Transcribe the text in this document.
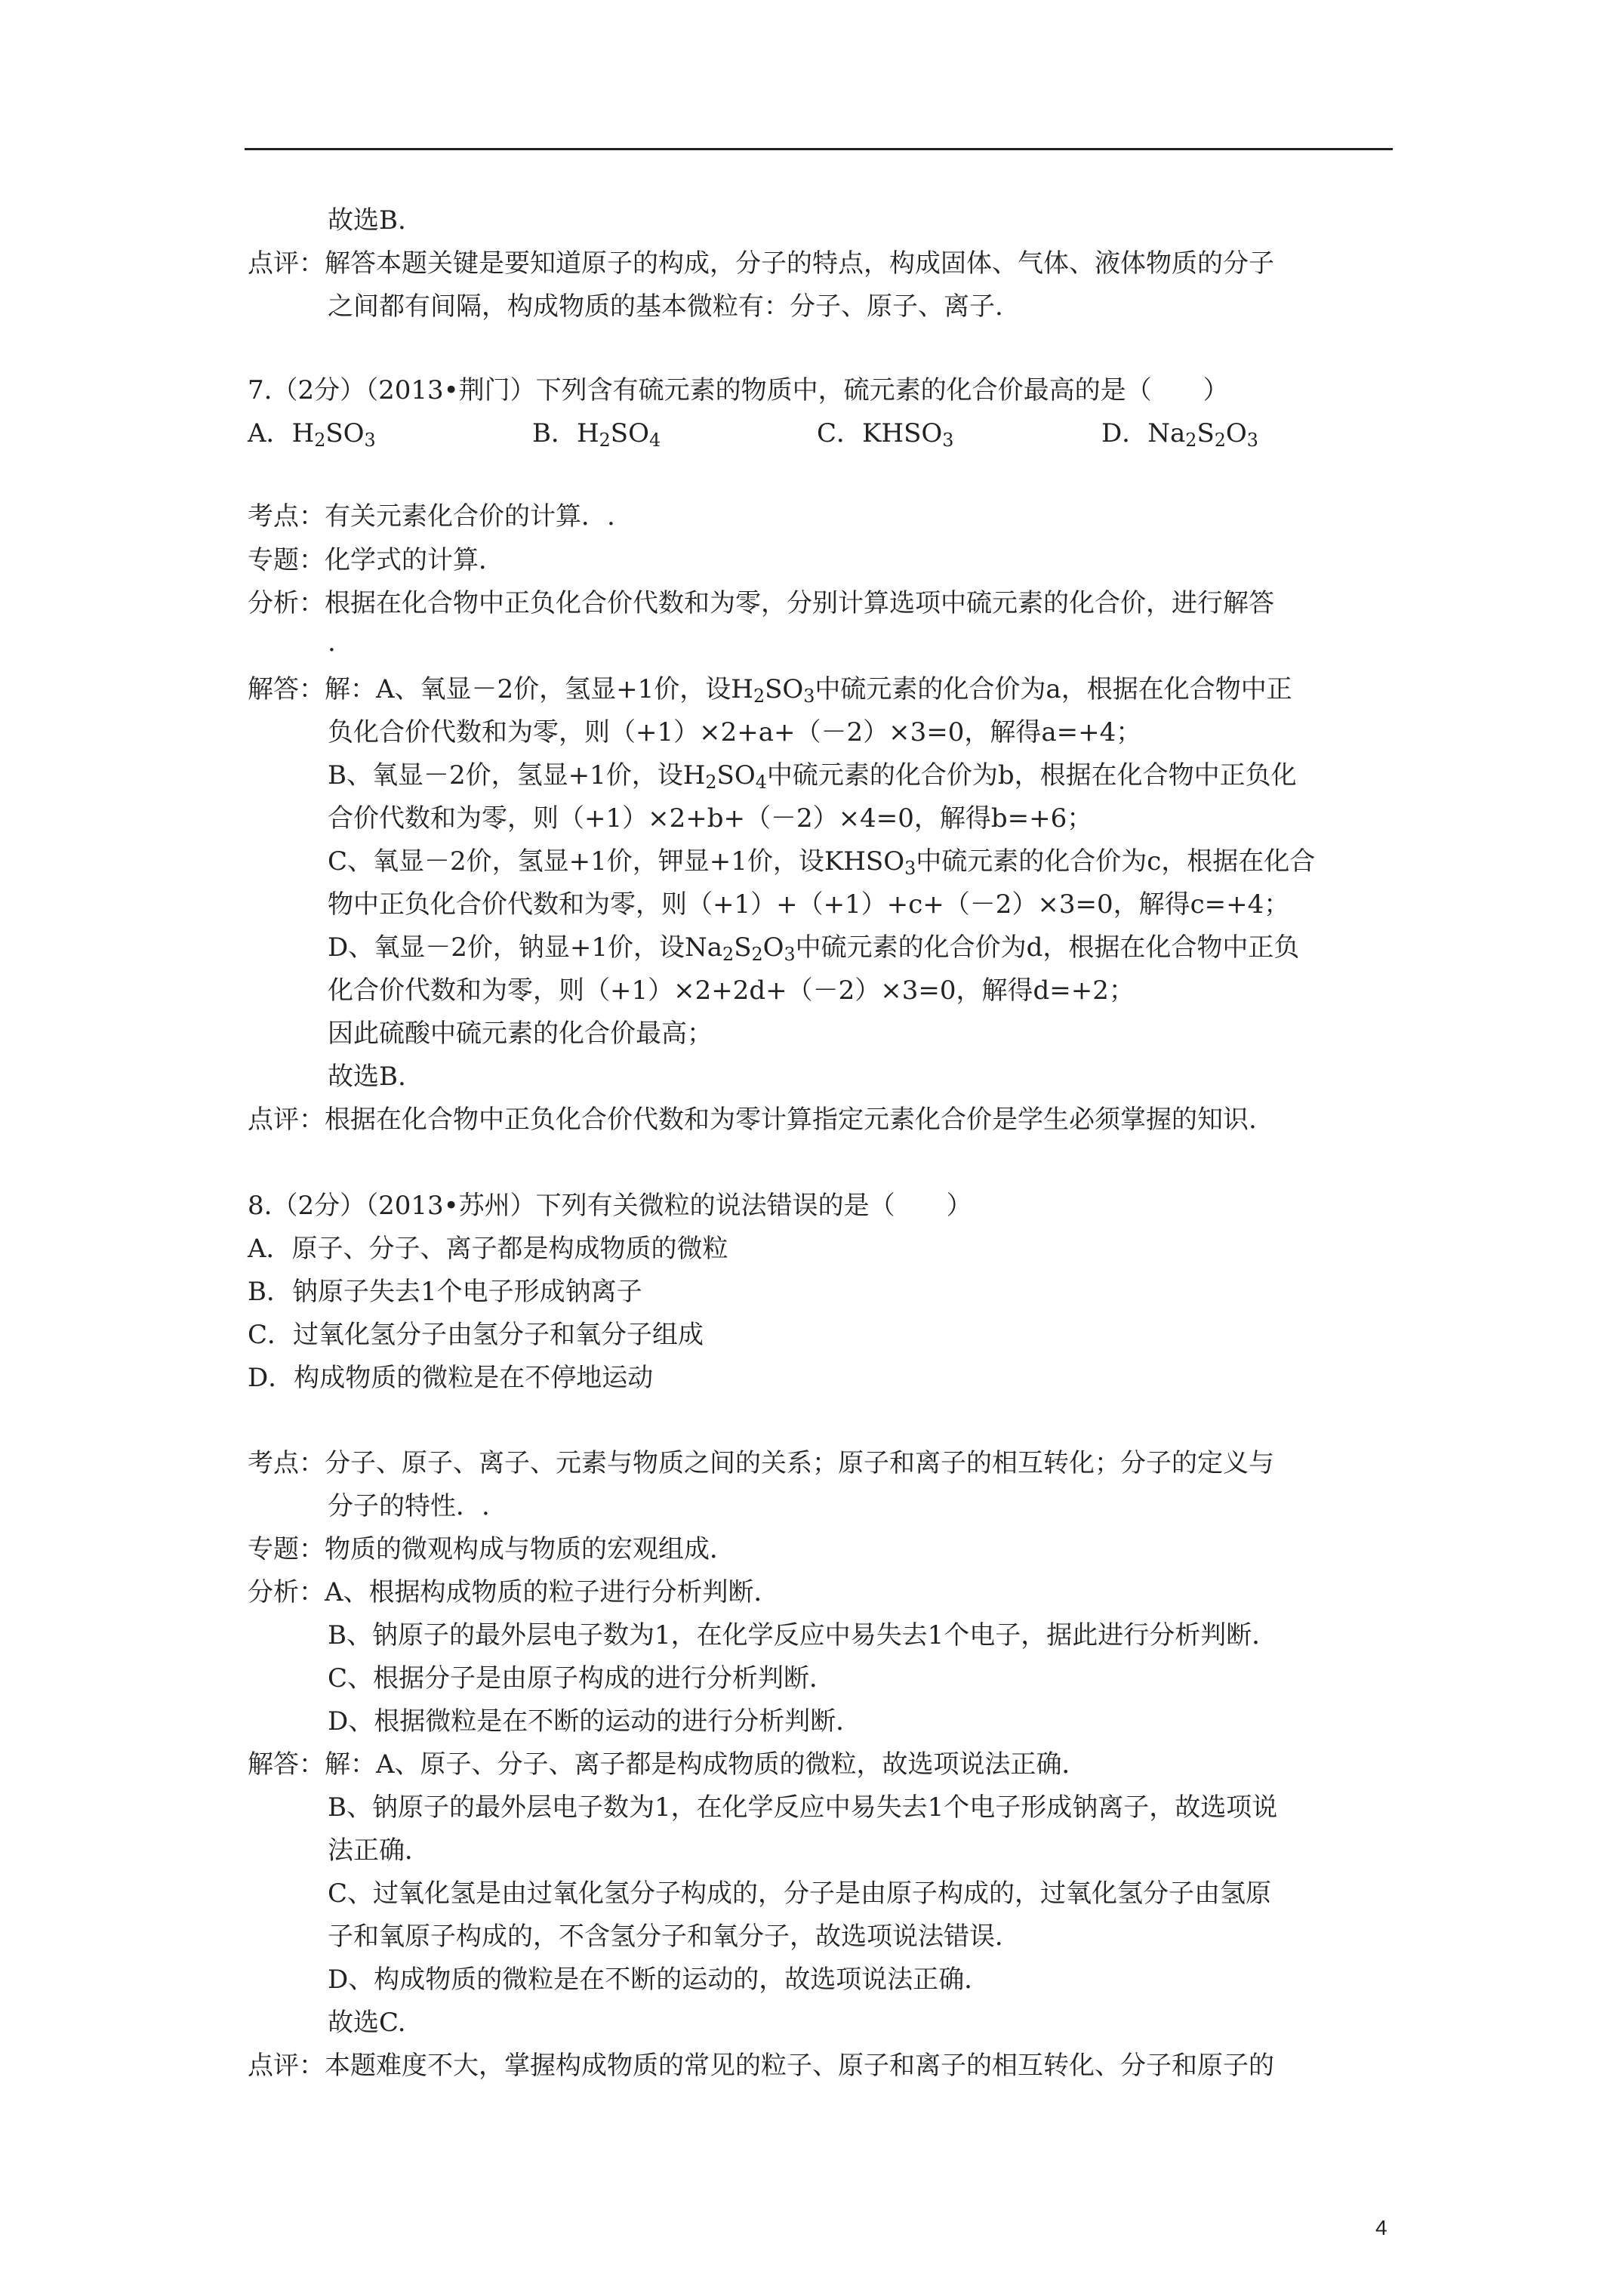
故选B.
点评：解答本题关键是要知道原子的构成，分子的特点，构成固体、气体、液体物质的分子
之间都有间隔，构成物质的基本微粒有：分子、原子、离子.
7.（2分）（2013•荆门）下列含有硫元素的物质中，硫元素的化合价最高的是（　　）
A．$H_2SO_3$	B．$H_2SO_4$	C．$KHSO_3$	D．$Na_2S_2O_3$
考点：有关元素化合价的计算．.
专题：化学式的计算．
分析：根据在化合物中正负化合价代数和为零，分别计算选项中硫元素的化合价，进行解答
.
解答：解：A、氧显－2价，氢显+1价，设$H_2SO_3$中硫元素的化合价为a，根据在化合物中正
负化合价代数和为零，则（+1）×2+a+（－2）×3=0，解得a=+4；
B、氧显－2价，氢显+1价，设$H_2SO_4$中硫元素的化合价为b，根据在化合物中正负化
合价代数和为零，则（+1）×2+b+（－2）×4=0，解得b=+6；
C、氧显－2价，氢显+1价，钾显+1价，设$KHSO_3$中硫元素的化合价为c，根据在化合
物中正负化合价代数和为零，则（+1）+（+1）+c+（－2）×3=0，解得c=+4；
D、氧显－2价，钠显+1价，设$Na_2S_2O_3$中硫元素的化合价为d，根据在化合物中正负
化合价代数和为零，则（+1）×2+2d+（－2）×3=0，解得d=+2；
因此硫酸中硫元素的化合价最高；
故选B.
点评：根据在化合物中正负化合价代数和为零计算指定元素化合价是学生必须掌握的知识.
8.（2分）（2013•苏州）下列有关微粒的说法错误的是（　　）
A．原子、分子、离子都是构成物质的微粒
B．钠原子失去1个电子形成钠离子
C．过氧化氢分子由氢分子和氧分子组成
D．构成物质的微粒是在不停地运动
考点：分子、原子、离子、元素与物质之间的关系；原子和离子的相互转化；分子的定义与
分子的特性．.
专题：物质的微观构成与物质的宏观组成．
分析：A、根据构成物质的粒子进行分析判断．
B、钠原子的最外层电子数为1，在化学反应中易失去1个电子，据此进行分析判断．
C、根据分子是由原子构成的进行分析判断．
D、根据微粒是在不断的运动的进行分析判断．
解答：解：A、原子、分子、离子都是构成物质的微粒，故选项说法正确．
B、钠原子的最外层电子数为1，在化学反应中易失去1个电子形成钠离子，故选项说
法正确．
C、过氧化氢是由过氧化氢分子构成的，分子是由原子构成的，过氧化氢分子由氢原
子和氧原子构成的，不含氢分子和氧分子，故选项说法错误．
D、构成物质的微粒是在不断的运动的，故选项说法正确．
故选C.
点评：本题难度不大，掌握构成物质的常见的粒子、原子和离子的相互转化、分子和原子的
4
